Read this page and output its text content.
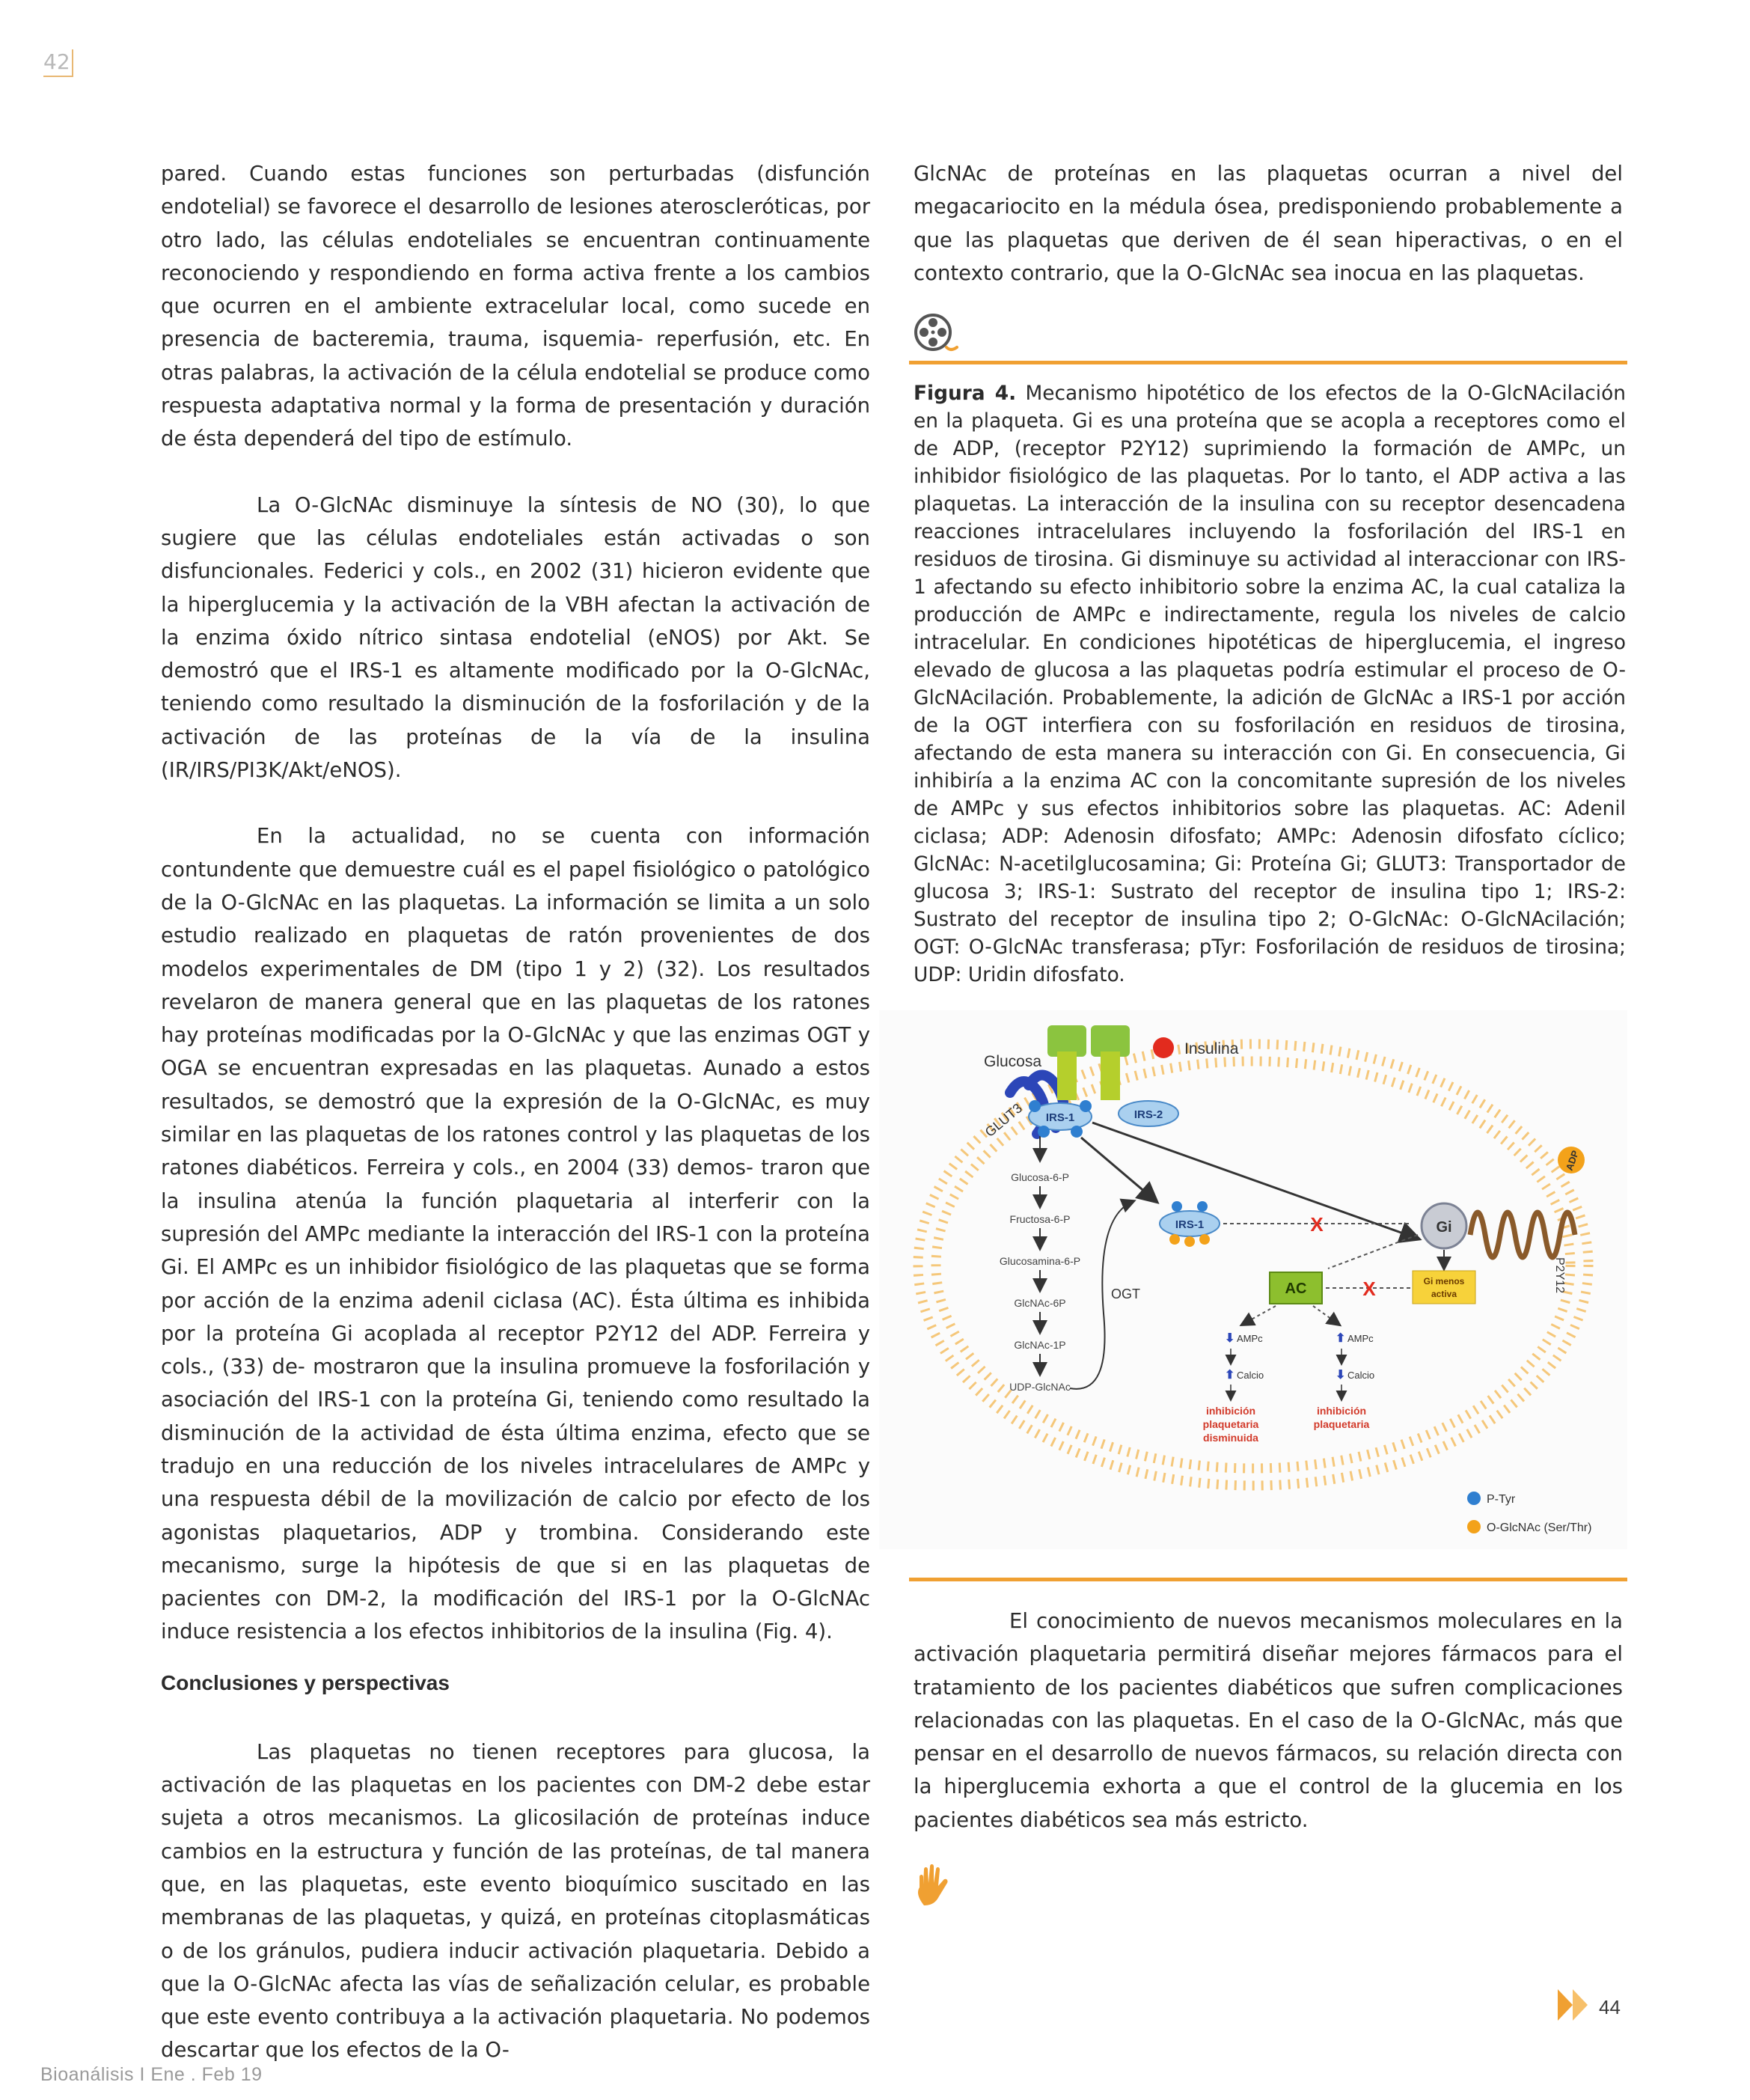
42

pared. Cuando estas funciones son perturbadas (disfunción endotelial) se favorece el desarrollo de lesiones ateroscleróticas, por otro lado, las células endoteliales se encuentran continuamente reconociendo y respondiendo en forma activa frente a los cambios que ocurren en el ambiente extracelular local, como sucede en presencia de bacteremia, trauma, isquemia- reperfusión, etc. En otras palabras, la activación de la célula endotelial se produce como respuesta adaptativa normal y la forma de presentación y duración de ésta dependerá del tipo de estímulo.

La O-GlcNAc disminuye la síntesis de NO (30), lo que sugiere que las células endoteliales están activadas o son disfuncionales. Federici y cols., en 2002 (31) hicieron evidente que la hiperglucemia y la activación de la VBH afectan la activación de la enzima óxido nítrico sintasa endotelial (eNOS) por Akt. Se demostró que el IRS-1 es altamente modificado por la O-GlcNAc, teniendo como resultado la disminución de la fosforilación y de la activación de las proteínas de la vía de la insulina (IR/IRS/PI3K/Akt/eNOS).

En la actualidad, no se cuenta con información contundente que demuestre cuál es el papel fisiológico o patológico de la O-GlcNAc en las plaquetas. La información se limita a un solo estudio realizado en plaquetas de ratón provenientes de dos modelos experimentales de DM (tipo 1 y 2) (32). Los resultados revelaron de manera general que en las plaquetas de los ratones hay proteínas modificadas por la O-GlcNAc y que las enzimas OGT y OGA se encuentran expresadas en las plaquetas. Aunado a estos resultados, se demostró que la expresión de la O-GlcNAc, es muy similar en las plaquetas de los ratones control y las plaquetas de los ratones diabéticos. Ferreira y cols., en 2004 (33) demos- traron que la insulina atenúa la función plaquetaria al interferir con la supresión del AMPc mediante la interacción del IRS-1 con la proteína Gi. El AMPc es un inhibidor fisiológico de las plaquetas que se forma por acción de la enzima adenil ciclasa (AC). Ésta última es inhibida por la proteína Gi acoplada al receptor P2Y12 del ADP. Ferreira y cols., (33) de- mostraron que la insulina promueve la fosforilación y asociación del IRS-1 con la proteína Gi, teniendo como resultado la disminución de la actividad de ésta última enzima, efecto que se tradujo en una reducción de los niveles intracelulares de AMPc y una respuesta débil de la movilización de calcio por efecto de los agonistas plaquetarios, ADP y trombina. Considerando este mecanismo, surge la hipótesis de que si en las plaquetas de pacientes con DM-2, la modificación del IRS-1 por la O-GlcNAc induce resistencia a los efectos inhibitorios de la insulina (Fig. 4).

Conclusiones y perspectivas

Las plaquetas no tienen receptores para glucosa, la activación de las plaquetas en los pacientes con DM-2 debe estar sujeta a otros mecanismos. La glicosilación de proteínas induce cambios en la estructura y función de las proteínas, de tal manera que, en las plaquetas, este evento bioquímico suscitado en las membranas de las plaquetas, y quizá, en proteínas citoplasmáticas o de los gránulos, pudiera inducir activación plaquetaria. Debido a que la O-GlcNAc afecta las vías de señalización celular, es probable que este evento contribuya a la activación plaquetaria. No podemos descartar que los efectos de la O-

GlcNAc de proteínas en las plaquetas ocurran a nivel del megacariocito en la médula ósea, predisponiendo probablemente a que las plaquetas que deriven de él sean hiperactivas, o en el contexto contrario, que la O-GlcNAc sea inocua en las plaquetas.

Figura 4. Mecanismo hipotético de los efectos de la O-GlcNAcilación en la plaqueta. Gi es una proteína que se acopla a receptores como el de ADP, (receptor P2Y12) suprimiendo la formación de AMPc, un inhibidor fisiológico de las plaquetas. Por lo tanto, el ADP activa a las plaquetas. La interacción de la insulina con su receptor desencadena reacciones intracelulares incluyendo la fosforilación del IRS-1 en residuos de tirosina. Gi disminuye su actividad al interaccionar con IRS-1 afectando su efecto inhibitorio sobre la enzima AC, la cual cataliza la producción de AMPc e indirectamente, regula los niveles de calcio intracelular. En condiciones hipotéticas de hiperglucemia, el ingreso elevado de glucosa a las plaquetas podría estimular el proceso de O-GlcNAcilación. Probablemente, la adición de GlcNAc a IRS-1 por acción de la OGT interfiera con su fosforilación en residuos de tirosina, afectando de esta manera su interacción con Gi. En consecuencia, Gi inhibiría a la enzima AC con la concomitante supresión de los niveles de AMPc y sus efectos inhibitorios sobre las plaquetas. AC: Adenil ciclasa; ADP: Adenosin difosfato; AMPc: Adenosin difosfato cíclico; GlcNAc: N-acetilglucosamina; Gi: Proteína Gi; GLUT3: Transportador de glucosa 3; IRS-1: Sustrato del receptor de insulina tipo 1; IRS-2: Sustrato del receptor de insulina tipo 2; O-GlcNAc: O-GlcNAcilación; OGT: O-GlcNAc transferasa; pTyr: Fosforilación de residuos de tirosina; UDP: Uridin difosfato.

Glucosa
GLUT3
Insulina
IRS-1	IRS-2
Glucosa-6-P
Fructosa-6-P
Glucosamina-6-P
GlcNAc-6P
GlcNAc-1P
UDP-GlcNAc
OGT
IRS-1	X	Gi
ADP
P2Y12
Gi menos
activa
AC	X
⬇ AMPc
⬆ Calcio
inhibición
plaquetaria
disminuida
⬆ AMPc
⬇ Calcio
inhibición
plaquetaria
P-Tyr
O-GlcNAc (Ser/Thr)

El conocimiento de nuevos mecanismos moleculares en la activación plaquetaria permitirá diseñar mejores fármacos para el tratamiento de los pacientes diabéticos que sufren complicaciones relacionadas con las plaquetas. En el caso de la O-GlcNAc, más que pensar en el desarrollo de nuevos fármacos, su relación directa con la hiperglucemia exhorta a que el control de la glucemia en los pacientes diabéticos sea más estricto.

44
Bioanálisis I Ene . Feb 19
